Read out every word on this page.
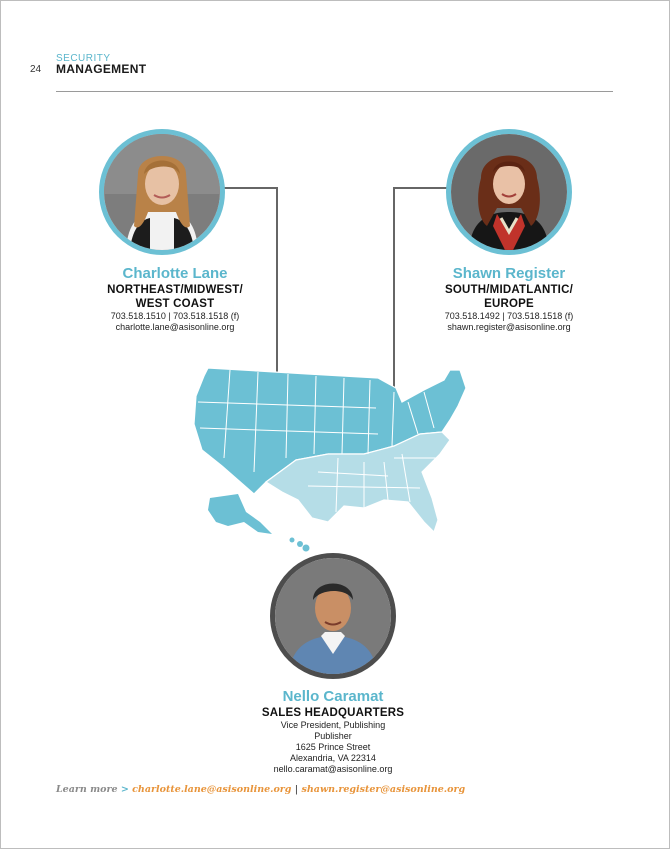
24
SECURITY
MANAGEMENT
Charlotte Lane
NORTHEAST/MIDWEST/
WEST COAST
703.518.1510 | 703.518.1518 (f)
charlotte.lane@asisonline.org
Shawn Register
SOUTH/MIDATLANTIC/
EUROPE
703.518.1492 | 703.518.1518 (f)
shawn.register@asisonline.org
Nello Caramat
SALES HEADQUARTERS
Vice President, Publishing
Publisher
1625 Prince Street
Alexandria, VA 22314
nello.caramat@asisonline.org
Learn more > charlotte.lane@asisonline.org | shawn.register@asisonline.org
